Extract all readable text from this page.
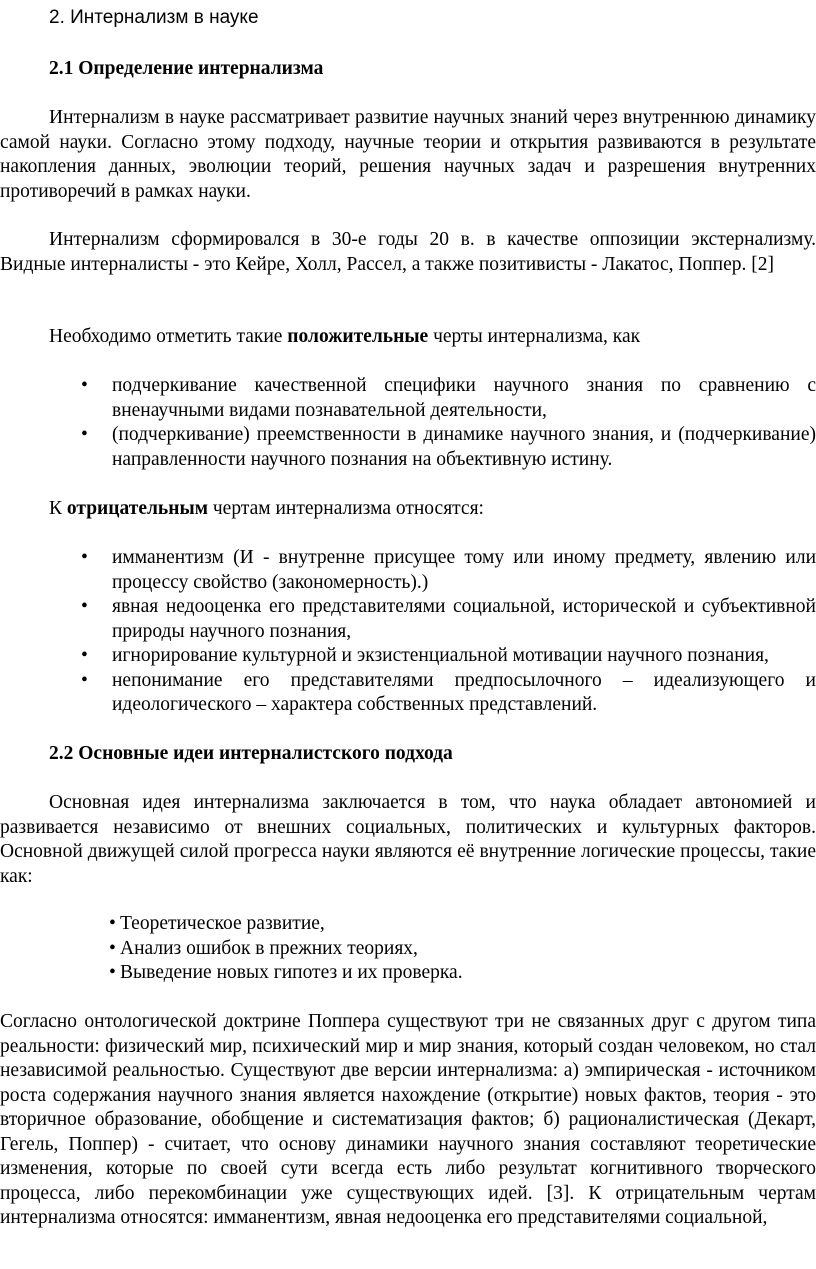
2. Интернализм в науке
2.1 Определение интернализма
Интернализм в науке рассматривает развитие научных знаний через внутреннюю динамику самой науки. Согласно этому подходу, научные теории и открытия развиваются в результате накопления данных, эволюции теорий, решения научных задач и разрешения внутренних противоречий в рамках науки.
Интернализм сформировался в 30-е годы 20 в. в качестве оппозиции экстернализму. Видные интерналисты - это Кейре, Холл, Рассел, а также позитивисты - Лакатос, Поппер. [2]
Необходимо отметить такие положительные черты интернализма, как
• подчеркивание качественной специфики научного знания по сравнению с вненаучными видами познавательной деятельности,
• (подчеркивание) преемственности в динамике научного знания, и (подчеркивание) направленности научного познания на объективную истину.
К отрицательным чертам интернализма относятся:
• имманентизм (И - внутренне присущее тому или иному предмету, явлению или процессу свойство (закономерность).)
• явная недооценка его представителями социальной, исторической и субъективной природы научного познания,
• игнорирование культурной и экзистенциальной мотивации научного познания,
• непонимание его представителями предпосылочного – идеализующего и идеологического – характера собственных представлений.
2.2 Основные идеи интерналистского подхода
Основная идея интернализма заключается в том, что наука обладает автономией и развивается независимо от внешних социальных, политических и культурных факторов. Основной движущей силой прогресса науки являются её внутренние логические процессы, такие как:
• Теоретическое развитие,
• Анализ ошибок в прежних теориях,
• Выведение новых гипотез и их проверка.
Согласно онтологической доктрине Поппера существуют три не связанных друг с другом типа реальности: физический мир, психический мир и мир знания, который создан человеком, но стал независимой реальностью. Существуют две версии интернализма: а) эмпирическая - источником роста содержания научного знания является нахождение (открытие) новых фактов, теория - это вторичное образование, обобщение и систематизация фактов; б) рационалистическая (Декарт, Гегель, Поппер) - считает, что основу динамики научного знания составляют теоретические изменения, которые по своей сути всегда есть либо результат когнитивного творческого процесса, либо перекомбинации уже существующих идей. [3]. К отрицательным чертам интернализма относятся: имманентизм, явная недооценка его представителями социальной,
